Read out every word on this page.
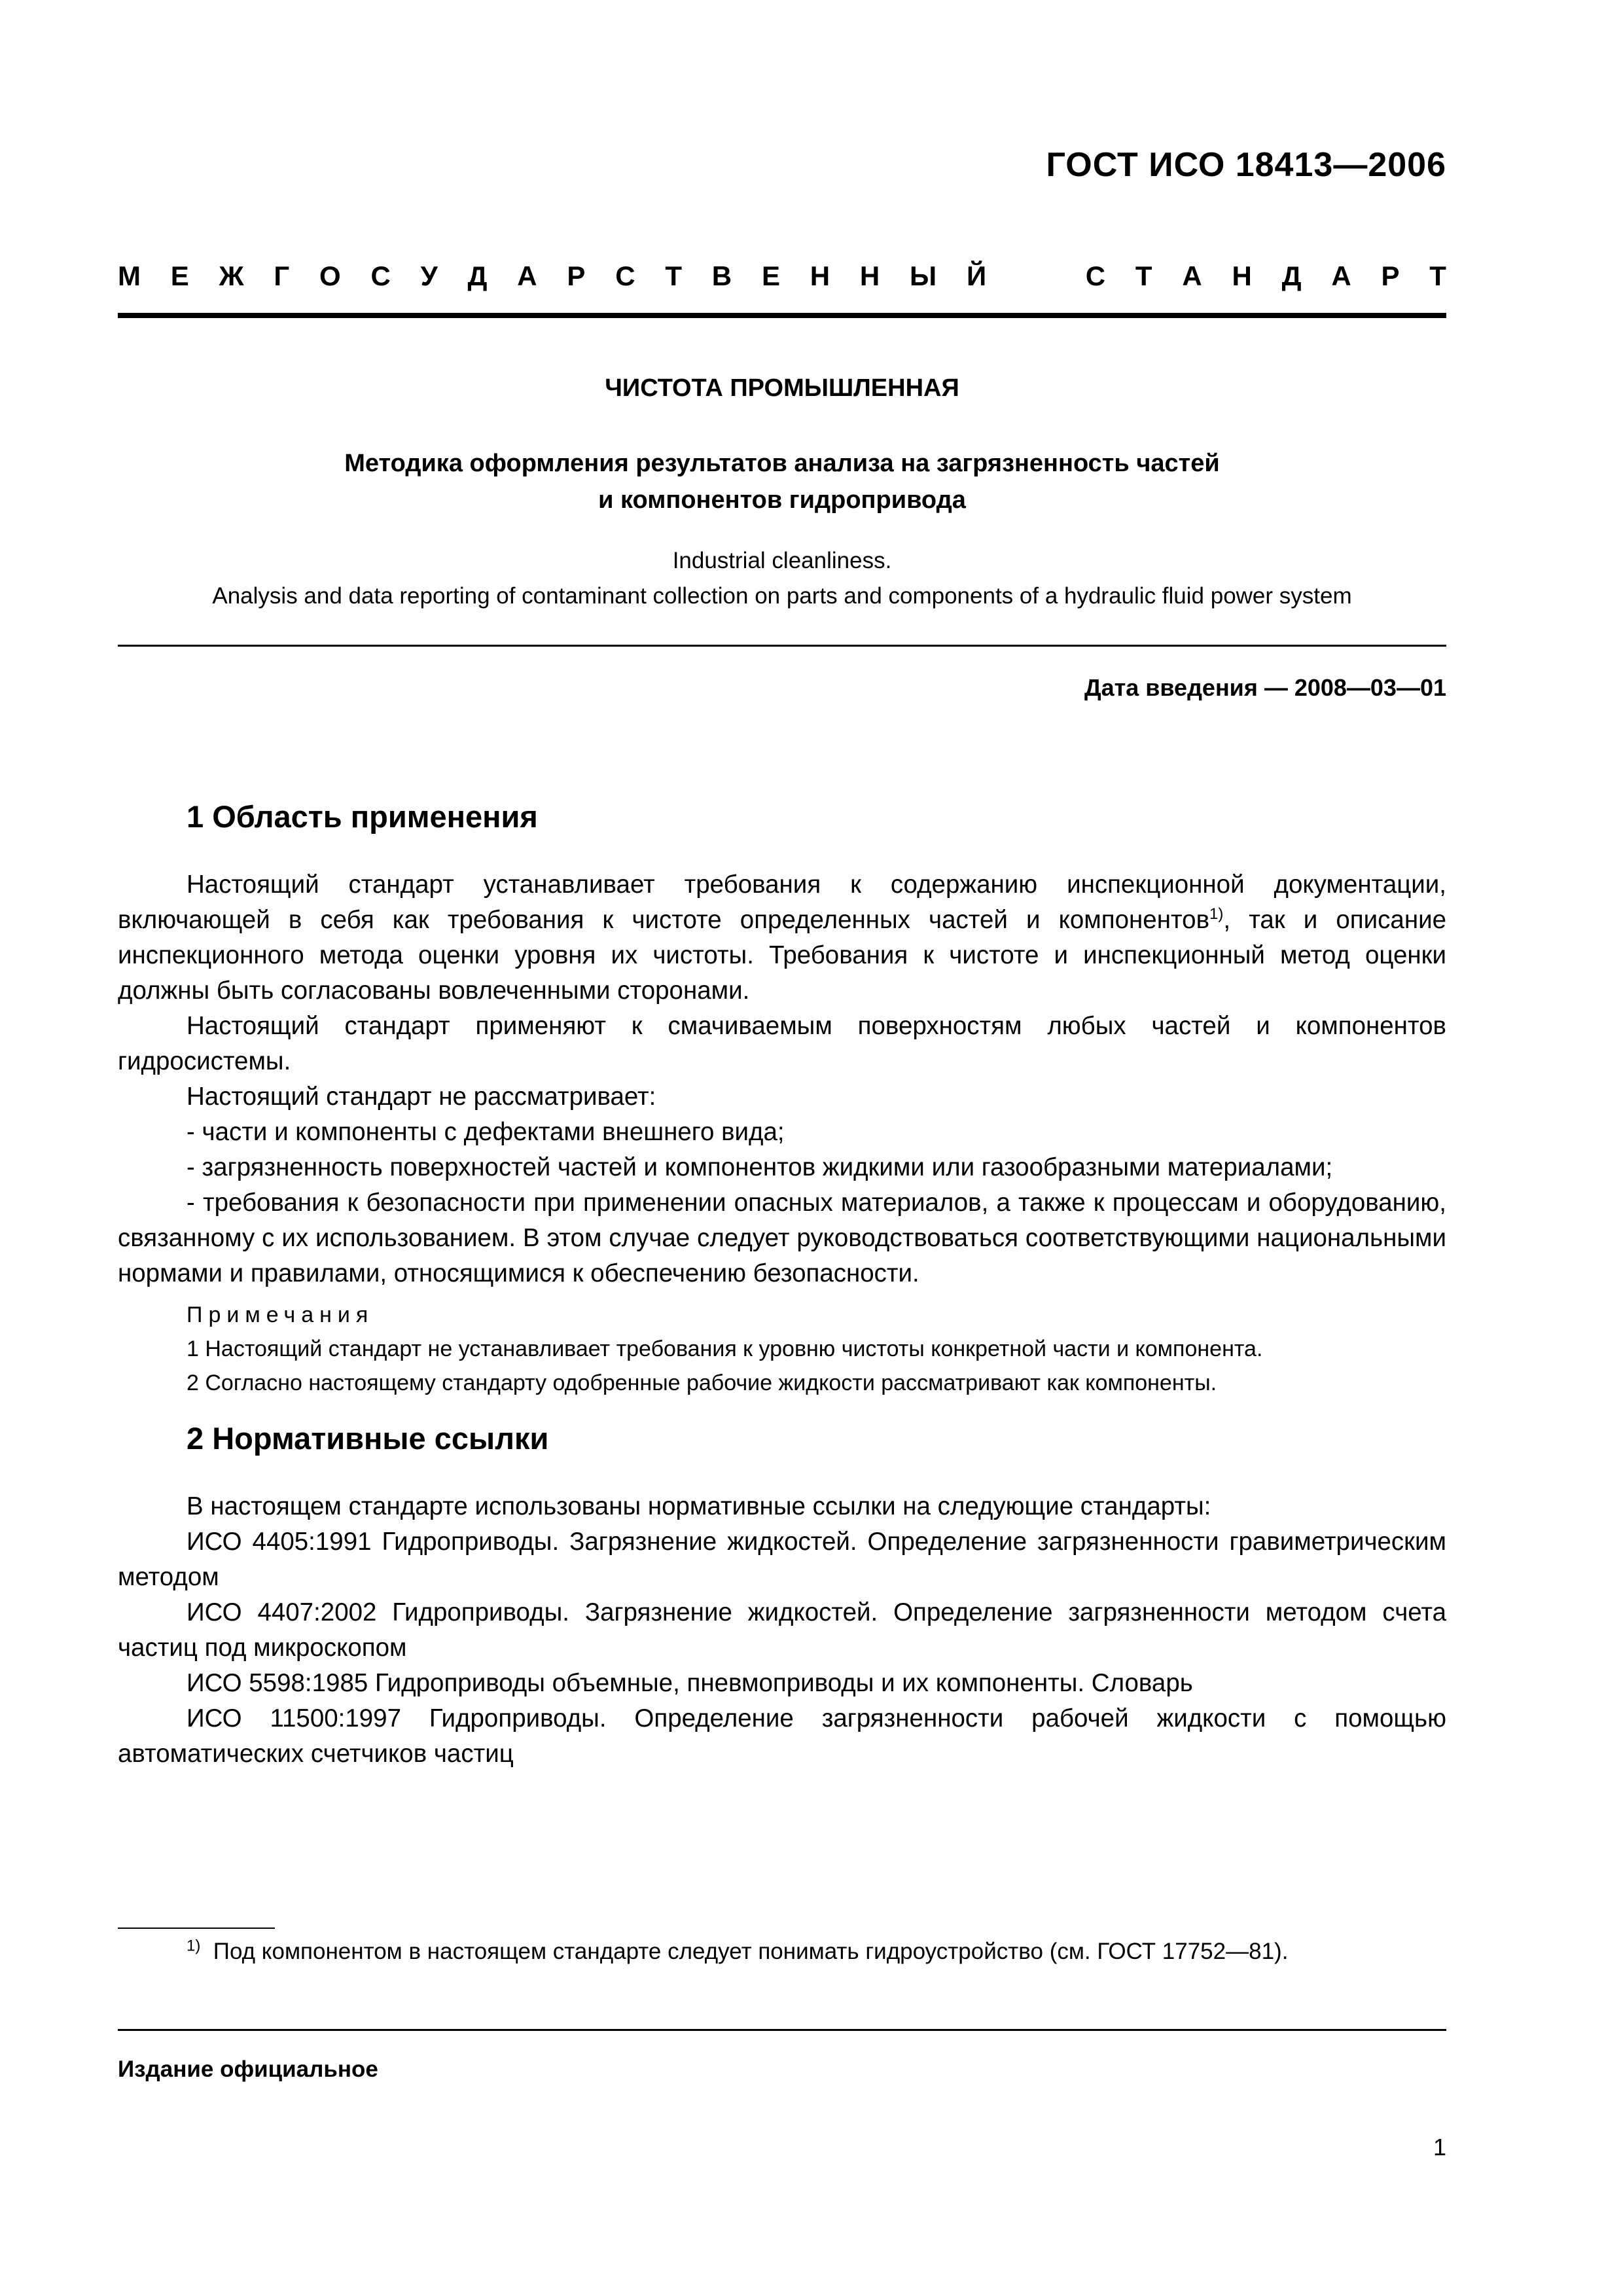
ГОСТ ИСО 18413—2006
М Е Ж Г О С У Д А Р С Т В Е Н Н Ы Й	С Т А Н Д А Р Т
ЧИСТОТА ПРОМЫШЛЕННАЯ
Методика оформления результатов анализа на загрязненность частей
и компонентов гидропривода
Industrial cleanliness.
Analysis and data reporting of contaminant collection on parts and components of a hydraulic fluid power system
Дата введения — 2008—03—01
1 Область применения

Настоящий стандарт устанавливает требования к содержанию инспекционной документации, включающей в себя как требования к чистоте определенных частей и компонентов$^{1)}$, так и описание инспекционного метода оценки уровня их чистоты. Требования к чистоте и инспекционный метод оценки должны быть согласованы вовлеченными сторонами.

Настоящий стандарт применяют к смачиваемым поверхностям любых частей и компонентов гидросистемы.

Настоящий стандарт не рассматривает:

- части и компоненты с дефектами внешнего вида;

- загрязненность поверхностей частей и компонентов жидкими или газообразными материалами;

- требования к безопасности при применении опасных материалов, а также к процессам и оборудованию, связанному с их использованием. В этом случае следует руководствоваться соответствующими национальными нормами и правилами, относящимися к обеспечению безопасности.

Примечания
1 Настоящий стандарт не устанавливает требования к уровню чистоты конкретной части и компонента.
2 Согласно настоящему стандарту одобренные рабочие жидкости рассматривают как компоненты.
2 Нормативные ссылки

В настоящем стандарте использованы нормативные ссылки на следующие стандарты:

ИСО 4405:1991 Гидроприводы. Загрязнение жидкостей. Определение загрязненности гравиметрическим методом

ИСО 4407:2002 Гидроприводы. Загрязнение жидкостей. Определение загрязненности методом счета частиц под микроскопом

ИСО 5598:1985 Гидроприводы объемные, пневмоприводы и их компоненты. Словарь

ИСО 11500:1997 Гидроприводы. Определение загрязненности рабочей жидкости с помощью автоматических счетчиков частиц

$^{1)}$ Под компонентом в настоящем стандарте следует понимать гидроустройство (см. ГОСТ 17752—81).
Издание официальное
1
